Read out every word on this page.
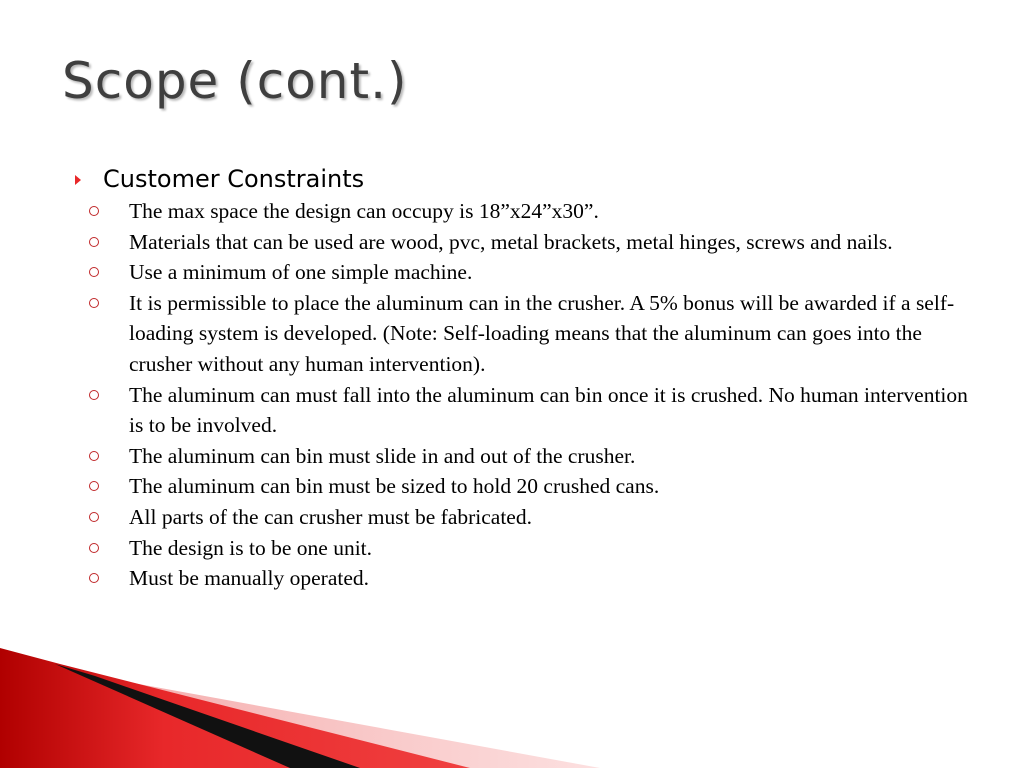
Scope (cont.)
Customer Constraints
The max space the design can occupy is 18”x24”x30”.
Materials that can be used are wood, pvc, metal brackets, metal hinges, screws and nails.
Use a minimum of one simple machine.
It is permissible to place the aluminum can in the crusher. A 5% bonus will be awarded if a self- loading system is developed. (Note: Self-loading means that the aluminum can goes into the crusher without any human intervention).
The aluminum can must fall into the aluminum can bin once it is crushed. No human intervention is to be involved.
The aluminum can bin must slide in and out of the crusher.
The aluminum can bin must be sized to hold 20 crushed cans.
All parts of the can crusher must be fabricated.
The design is to be one unit.
Must be manually operated.
